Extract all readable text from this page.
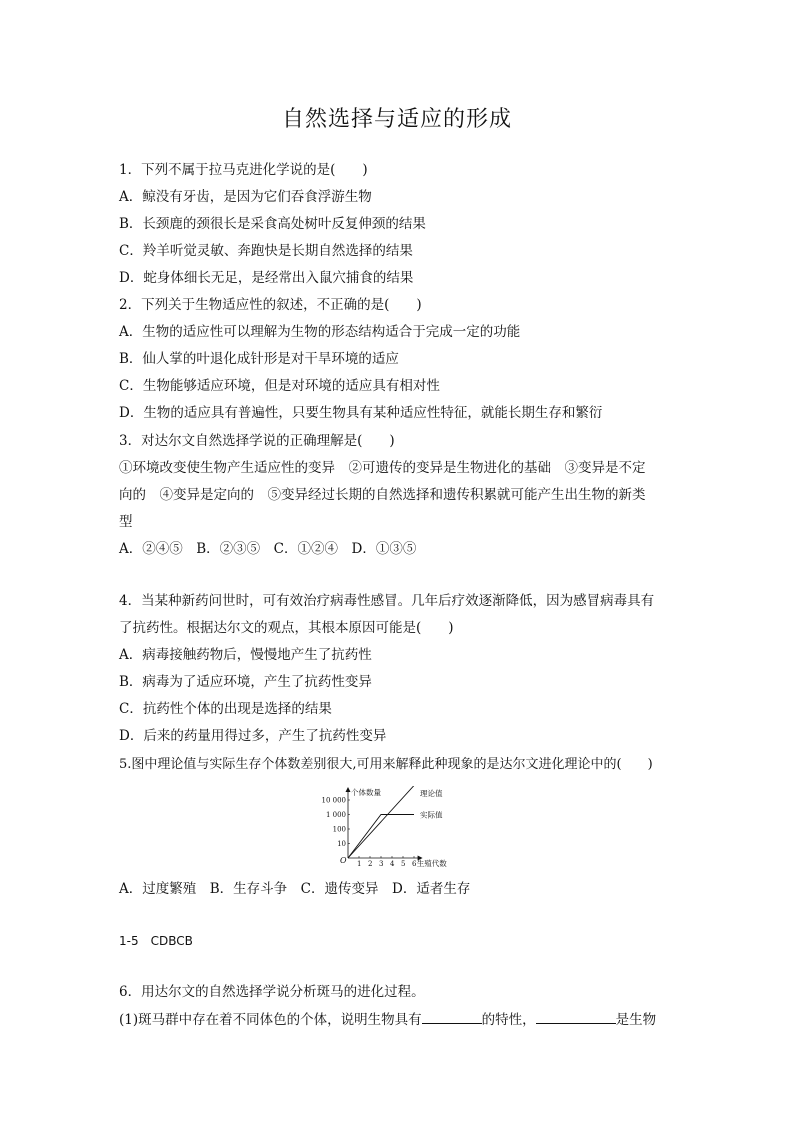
自然选择与适应的形成
1．下列不属于拉马克进化学说的是(　　)
A．鲸没有牙齿，是因为它们吞食浮游生物
B．长颈鹿的颈很长是采食高处树叶反复伸颈的结果
C．羚羊听觉灵敏、奔跑快是长期自然选择的结果
D．蛇身体细长无足，是经常出入鼠穴捕食的结果
2．下列关于生物适应性的叙述，不正确的是(　　)
A．生物的适应性可以理解为生物的形态结构适合于完成一定的功能
B．仙人掌的叶退化成针形是对干旱环境的适应
C．生物能够适应环境，但是对环境的适应具有相对性
D．生物的适应具有普遍性，只要生物具有某种适应性特征，就能长期生存和繁衍
3．对达尔文自然选择学说的正确理解是(　　)
①环境改变使生物产生适应性的变异　②可遗传的变异是生物进化的基础　③变异是不定
向的　④变异是定向的　⑤变异经过长期的自然选择和遗传积累就可能产生出生物的新类
型
A．②④⑤　B．②③⑤　C．①②④　D．①③⑤
4．当某种新药问世时，可有效治疗病毒性感冒。几年后疗效逐渐降低，因为感冒病毒具有
了抗药性。根据达尔文的观点，其根本原因可能是(　　)
A．病毒接触药物后，慢慢地产生了抗药性
B．病毒为了适应环境，产生了抗药性变异
C．抗药性个体的出现是选择的结果
D．后来的药量用得过多，产生了抗药性变异
5.图中理论值与实际生存个体数差别很大,可用来解释此种现象的是达尔文进化理论中的(　　)
O 1 2 3 4 5 6
10
100
1 000
10 000
个体数量
生殖代数
理论值
实际值
A．过度繁殖　B．生存斗争　C．遗传变异　D．适者生存
1-5　CDBCB
6．用达尔文的自然选择学说分析斑马的进化过程。
(1)斑马群中存在着不同体色的个体，说明生物具有	的特性，	是生物
